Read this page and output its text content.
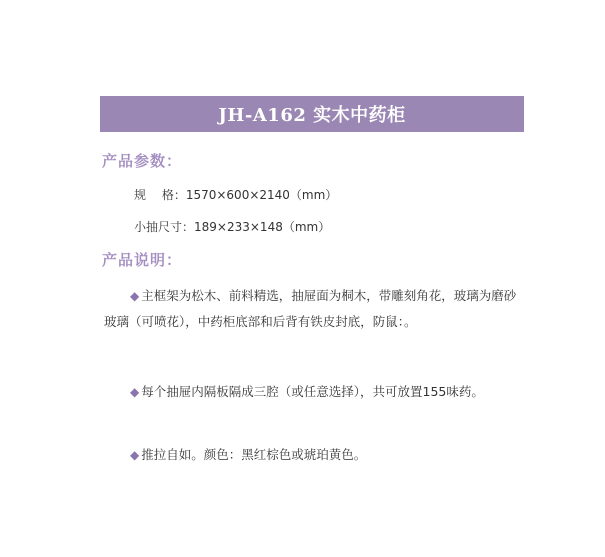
JH-A162 实木中药柜
产品参数：
规　 格：1570×600×2140（mm）
小抽尺寸：189×233×148（mm）
产品说明：
◆ 主框架为松木、前料精选，抽屉面为桐木，带雕刻角花，玻璃为磨砂玻璃（可喷花），中药柜底部和后背有铁皮封底，防鼠：。
◆ 每个抽屉内隔板隔成三腔（或任意选择），共可放置155味药。
◆ 推拉自如。颜色：黑红棕色或琥珀黄色。
